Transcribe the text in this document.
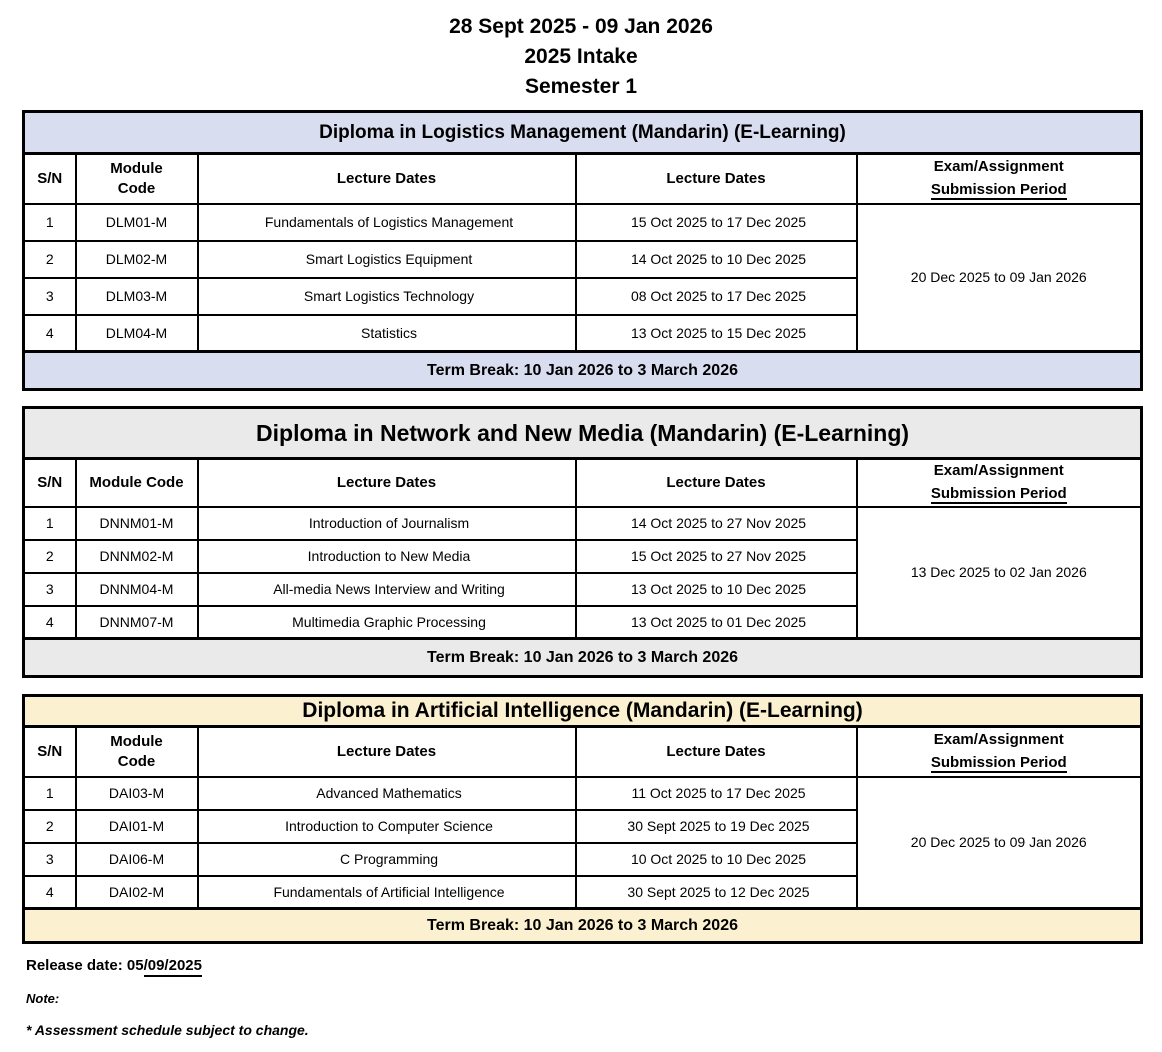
28 Sept 2025 - 09 Jan 2026
2025 Intake
Semester 1
Diploma in Logistics Management (Mandarin) (E-Learning)				
S/N	Module Code	Lecture Dates	Lecture Dates	Exam/Assignment
Submission Period

1	DLM01-M	Fundamentals of Logistics Management	15 Oct 2025 to 17 Dec 2025	20 Dec 2025 to 09 Jan 2026
2	DLM02-M	Smart Logistics Equipment	14 Oct 2025 to 10 Dec 2025	
3	DLM03-M	Smart Logistics Technology	08 Oct 2025 to 17 Dec 2025	
4	DLM04-M	Statistics	13 Oct 2025 to 15 Dec 2025	
Term Break: 10 Jan 2026 to 3 March 2026				
Diploma in Network and New Media (Mandarin) (E-Learning)				
S/N	Module Code	Lecture Dates	Lecture Dates	Exam/Assignment
Submission Period

1	DNNM01-M	Introduction of Journalism	14 Oct 2025 to 27 Nov 2025	13 Dec 2025 to 02 Jan 2026
2	DNNM02-M	Introduction to New Media	15 Oct 2025 to 27 Nov 2025	
3	DNNM04-M	All-media News Interview and Writing	13 Oct 2025 to 10 Dec 2025	
4	DNNM07-M	Multimedia Graphic Processing	13 Oct 2025 to 01 Dec 2025	
Term Break: 10 Jan 2026 to 3 March 2026				
Diploma in Artificial Intelligence (Mandarin) (E-Learning)				
S/N	Module Code	Lecture Dates	Lecture Dates	Exam/Assignment
Submission Period

1	DAI03-M	Advanced Mathematics	11 Oct 2025 to 17 Dec 2025	20 Dec 2025 to 09 Jan 2026
2	DAI01-M	Introduction to Computer Science	30 Sept 2025 to 19 Dec 2025	
3	DAI06-M	C Programming	10 Oct 2025 to 10 Dec 2025	
4	DAI02-M	Fundamentals of Artificial Intelligence	30 Sept 2025 to 12 Dec 2025	
Term Break: 10 Jan 2026 to 3 March 2026				
Release date: 05/09/2025
Note:
* Assessment schedule subject to change.
